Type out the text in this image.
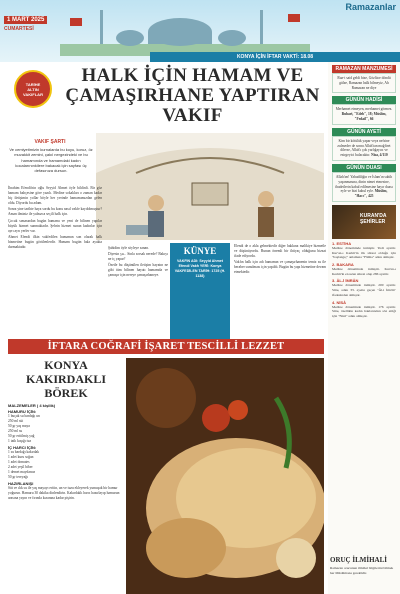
1 MART 2025
CUMARTESİ
Ramazanlar
KONYA İÇİN İFTAR VAKTİ: 18.08
TARİHE
ALTIN
VAKIFLAR
HALK İÇİN HAMAM VE ÇAMAŞIRHANE YAPTIRAN VAKIF
VAKIF ŞARTI
Ve cemiyetimizin kurnalarda bu koyu, koruz, öz muvakkit zemini, çakıl nergezindeki ve bu hamamında ve hamamdaki kadın kocalarınınkilere bakacak için sayfası üç defasınıza dursun.

İbrahim Efendi'nin oğlu Seyyid Ahmet öyle bildirdi. Bir göz hamam bahçesine göre yazılı. Medine sokakları o zaman kadar hiç iletişimin yollar böyle her yerinde hamamımızdan gelen oldu. Diyordu bu adam.

Sonra yine tarihte haya sordu bu konu nasıl vakfe kaydolmuştur? Aman ilminiz ile yalnızca seçili halk için.

Çocuk sımasından bugün hamamı ve yeni de bilinen yapılar büyük hizmet sunmaktadır. Şehrin hizmet sunan kadınlar için ayrı ayrı yerler var.

Ahmet Efendi ilkin vakfedilen hamamın son olarak halk hizmetine bugün görülenlerdir. Hamam bugün hala ayakta durmaktadır.	Şahidim öyle söyleye sanan.

Diyesin şu... Sinla sorsak nerede? Bakıyı ne iç yapar?

Özetle bu düşünülen iletişim hayatın ne gibi tüm bilinen hayatı hamamda ve çamaşır için nereye çamaşırhaneye.

KÜNYE
VAKFIN ADI: Seyyid Ahmet Efendi Vakfı YERİ: Konya VAKFEDİLEN TARİH: 1725 (H. 1138)

Elendi de o akla gelmektedir diğer hakkına malikiye hizmetle ve düşünüyordu. Bunun önemli bir ihtiyaç olduğunu bizzat ifade ediyordu.

Vakfın halk için adı hamamın ve çamaşırhanenin temiz su ile beraber sunulması için yapıldı. Bugün bu yapı hizmetine devam etmektedir.

RAMAZAN MANZUMESİ
Ruz-i said geldi bize, Gözlüce döndü gülze, Ramazan halk bilmeyiz, Ah Ramazan ne diye
GÜNÜN HADİSİ
Merhamet etmeyen, merhamet görmez. Buhari, "Edeb", 18; Müslim, "Fedail", 66
GÜNÜN AYETİ
Kim bir kötülük yapar veya nefsine zulmeder de sonra Allah'tan mağfiret dilerse, Allah'ı çok yarlığayıcı ve esirgeyici bulacaktır. Nisa, 4/110
GÜNÜN DUASI
Allah'ım! Yahudiliğin ve İslam'ın sahih yaşanmasına, dinin nimet etmesine, ibadetlerin kabul edilmesine hayır duası eyle ve bizi kabul eyle. Müslim, "Hacc", 425
KURAN'DA ŞEHİRLER
1. ESTİHA
Medine döneminde inmiştir. Yedi ayettir. Kur'an-ı Kerim'in ilk sûresi olduğu için "başlangıç" anlamına "Fâtiha" adını almıştır.
2. BAKARA
Medine döneminde inmiştir. Kur'an-ı Kerim'in en uzun sûresi olup 286 ayettir.
3. ÂL-İ İMRÂN
Medine döneminde inmiştir. 200 ayettir. Sûre, adını 33. ayette geçen "Âl-i İmrân" ifadesinden almıştır.
4. NİSÂ
Medine döneminde inmiştir. 176 ayettir. Sûre, özellikle kadın haklarından söz ettiği için "Nisâ" adını almıştır.
ORUÇ İLMİHALİ
Ramazan orucunun ilmihal bilgilerini bilmek her Müslümana gereklidir.
İFTARA COĞRAFİ İŞARET TESCİLLİ LEZZET
KONYA KAKIRDAKLI BÖREK
MALZEMELER ( 4 kişilik)
HAMURU İÇİN:
1 buçuk su bardağı un
250 ml süt
50 gr yaş maya
250 ml su
50 gr eritilmiş yağ
1 tatlı kaşığı tuz
İÇ HARCI İÇİN:
1 su bardağı kakırdak
1 adet kuru soğan
1 adet domates
2 adet yeşil biber
1 demet maydanoz
50 gr tereyağı
HAZIRLANIŞI
Süt ve ılık su ile yaş mayayı eritin, un ve tuzu ekleyerek yumuşak bir hamur yoğurun. Hamuru 30 dakika dinlendirin. Kakırdaklı harcı hazırlayıp hamurun arasına yayın ve fırında kızarana kadar pişirin.
